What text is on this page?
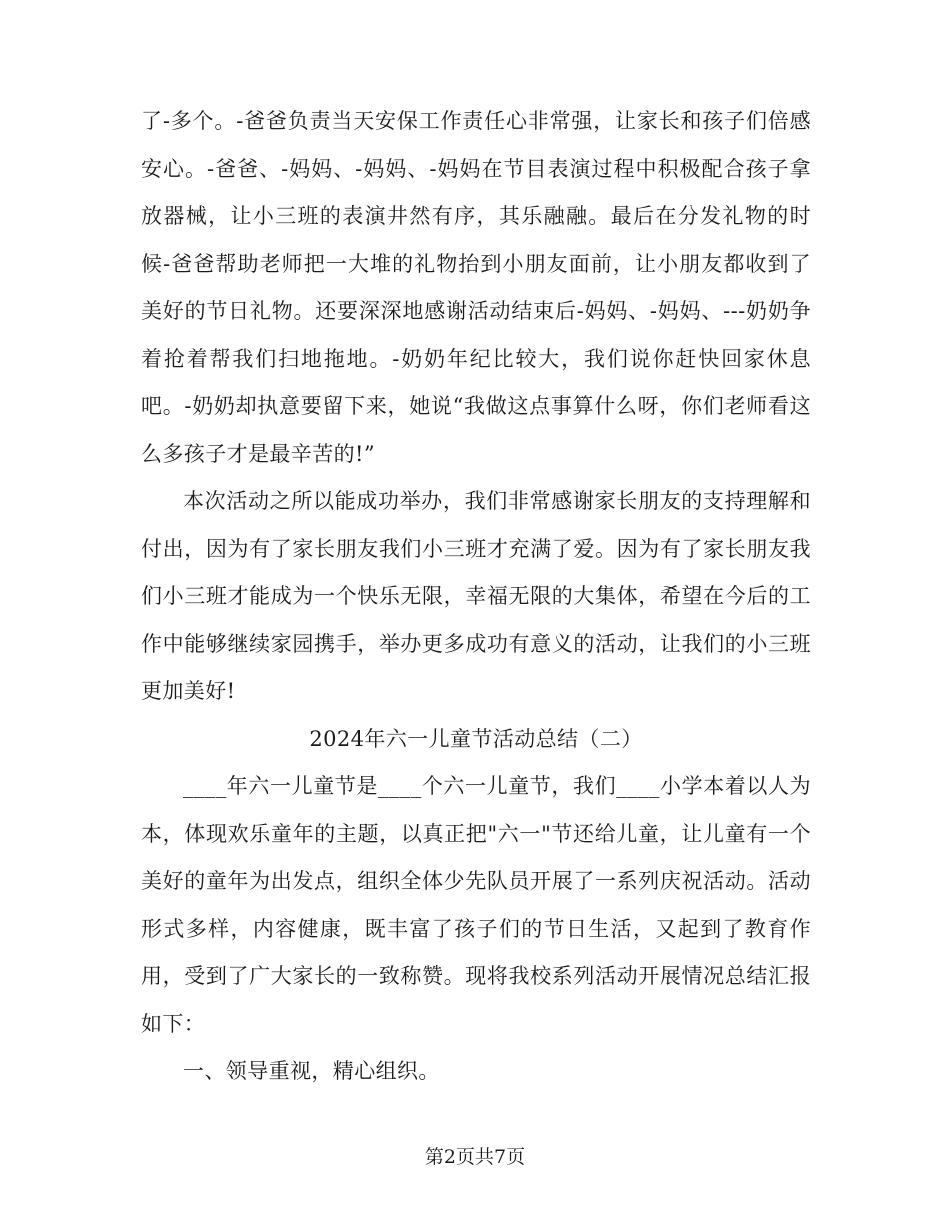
了-多个。-爸爸负责当天安保工作责任心非常强，让家长和孩子们倍感安心。-爸爸、-妈妈、-妈妈、-妈妈在节目表演过程中积极配合孩子拿放器械，让小三班的表演井然有序，其乐融融。最后在分发礼物的时候-爸爸帮助老师把一大堆的礼物抬到小朋友面前，让小朋友都收到了美好的节日礼物。还要深深地感谢活动结束后-妈妈、-妈妈、---奶奶争着抢着帮我们扫地拖地。-奶奶年纪比较大，我们说你赶快回家休息吧。-奶奶却执意要留下来，她说“我做这点事算什么呀，你们老师看这么多孩子才是最辛苦的!”

本次活动之所以能成功举办，我们非常感谢家长朋友的支持理解和付出，因为有了家长朋友我们小三班才充满了爱。因为有了家长朋友我们小三班才能成为一个快乐无限，幸福无限的大集体，希望在今后的工作中能够继续家园携手，举办更多成功有意义的活动，让我们的小三班更加美好!

2024年六一儿童节活动总结（二）

____年六一儿童节是____个六一儿童节，我们____小学本着以人为本，体现欢乐童年的主题，以真正把"六一"节还给儿童，让儿童有一个美好的童年为出发点，组织全体少先队员开展了一系列庆祝活动。活动形式多样，内容健康，既丰富了孩子们的节日生活，又起到了教育作用，受到了广大家长的一致称赞。现将我校系列活动开展情况总结汇报如下：

一、领导重视，精心组织。

第2页共7页
